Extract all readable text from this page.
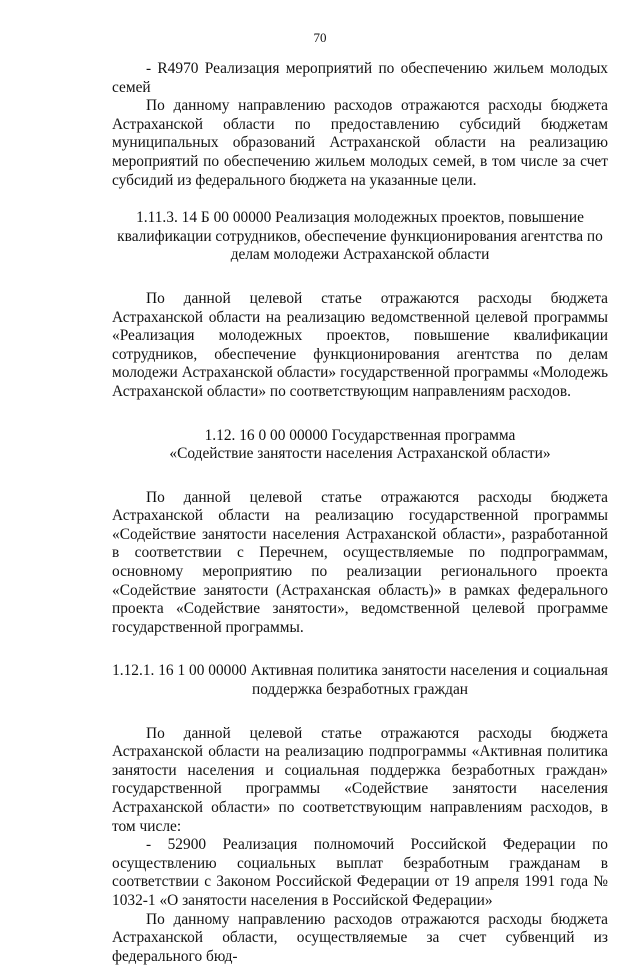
70

- R4970 Реализация мероприятий по обеспечению жильем молодых семей

По данному направлению расходов отражаются расходы бюджета Астраханской области по предоставлению субсидий бюджетам муниципальных образований Астраханской области на реализацию мероприятий по обеспечению жильем молодых семей, в том числе за счет субсидий из федерального бюджета на указанные цели.

1.11.3. 14 Б 00 00000 Реализация молодежных проектов, повышение
квалификации сотрудников, обеспечение функционирования агентства по
делам молодежи Астраханской области

По данной целевой статье отражаются расходы бюджета Астраханской области на реализацию ведомственной целевой программы «Реализация молодежных проектов, повышение квалификации сотрудников, обеспечение функционирования агентства по делам молодежи Астраханской области» государственной программы «Молодежь Астраханской области» по соответствующим направлениям расходов.

1.12. 16 0 00 00000 Государственная программа
«Содействие занятости населения Астраханской области»

По данной целевой статье отражаются расходы бюджета Астраханской области на реализацию государственной программы «Содействие занятости населения Астраханской области», разработанной в соответствии с Перечнем, осуществляемые по подпрограммам, основному мероприятию по реализации регионального проекта «Содействие занятости (Астраханская область)» в рамках федерального проекта «Содействие занятости», ведомственной целевой программе государственной программы.

1.12.1. 16 1 00 00000 Активная политика занятости населения и социальная
поддержка безработных граждан

По данной целевой статье отражаются расходы бюджета Астраханской области на реализацию подпрограммы «Активная политика занятости населения и социальная поддержка безработных граждан» государственной программы «Содействие занятости населения Астраханской области» по соответствующим направлениям расходов, в том числе:

- 52900 Реализация полномочий Российской Федерации по осуществлению социальных выплат безработным гражданам в соответствии с Законом Российской Федерации от 19 апреля 1991 года № 1032-1 «О занятости населения в Российской Федерации»

По данному направлению расходов отражаются расходы бюджета Астраханской области, осуществляемые за счет субвенций из федерального бюд-
